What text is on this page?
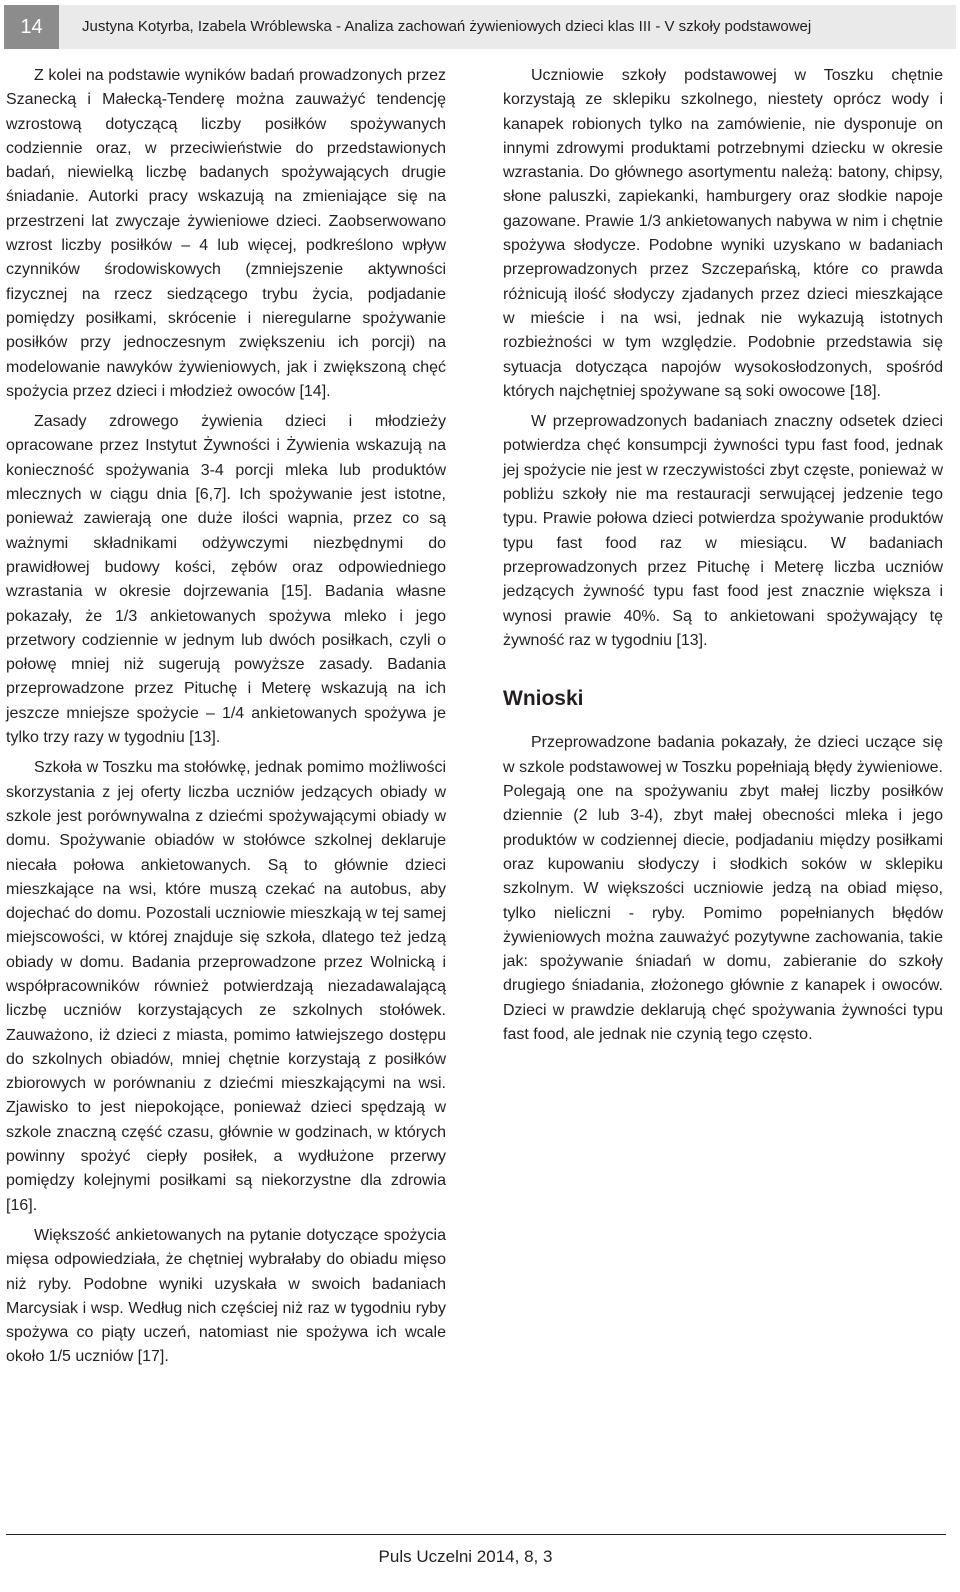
14	Justyna Kotyrba, Izabela Wróblewska - Analiza zachowań żywieniowych dzieci klas III - V szkoły podstawowej

Z kolei na podstawie wyników badań prowadzonych przez Szanecką i Małecką-Tenderę można zauważyć tendencję wzrostową dotyczącą liczby posiłków spożywanych codziennie oraz, w przeciwieństwie do przedstawionych badań, niewielką liczbę badanych spożywających drugie śniadanie. Autorki pracy wskazują na zmieniające się na przestrzeni lat zwyczaje żywieniowe dzieci. Zaobserwowano wzrost liczby posiłków – 4 lub więcej, podkreślono wpływ czynników środowiskowych (zmniejszenie aktywności fizycznej na rzecz siedzącego trybu życia, podjadanie pomiędzy posiłkami, skrócenie i nieregularne spożywanie posiłków przy jednoczesnym zwiększeniu ich porcji) na modelowanie nawyków żywieniowych, jak i zwiększoną chęć spożycia przez dzieci i młodzież owoców [14].

Zasady zdrowego żywienia dzieci i młodzieży opracowane przez Instytut Żywności i Żywienia wskazują na konieczność spożywania 3-4 porcji mleka lub produktów mlecznych w ciągu dnia [6,7]. Ich spożywanie jest istotne, ponieważ zawierają one duże ilości wapnia, przez co są ważnymi składnikami odżywczymi niezbędnymi do prawidłowej budowy kości, zębów oraz odpowiedniego wzrastania w okresie dojrzewania [15]. Badania własne pokazały, że 1/3 ankietowanych spożywa mleko i jego przetwory codziennie w jednym lub dwóch posiłkach, czyli o połowę mniej niż sugerują powyższe zasady. Badania przeprowadzone przez Pituchę i Meterę wskazują na ich jeszcze mniejsze spożycie – 1/4 ankietowanych spożywa je tylko trzy razy w tygodniu [13].

Szkoła w Toszku ma stołówkę, jednak pomimo możliwości skorzystania z jej oferty liczba uczniów jedzących obiady w szkole jest porównywalna z dziećmi spożywającymi obiady w domu. Spożywanie obiadów w stołówce szkolnej deklaruje niecała połowa ankietowanych. Są to głównie dzieci mieszkające na wsi, które muszą czekać na autobus, aby dojechać do domu. Pozostali uczniowie mieszkają w tej samej miejscowości, w której znajduje się szkoła, dlatego też jedzą obiady w domu. Badania przeprowadzone przez Wolnicką i współpracowników również potwierdzają niezadawalającą liczbę uczniów korzystających ze szkolnych stołówek. Zauważono, iż dzieci z miasta, pomimo łatwiejszego dostępu do szkolnych obiadów, mniej chętnie korzystają z posiłków zbiorowych w porównaniu z dziećmi mieszkającymi na wsi. Zjawisko to jest niepokojące, ponieważ dzieci spędzają w szkole znaczną część czasu, głównie w godzinach, w których powinny spożyć ciepły posiłek, a wydłużone przerwy pomiędzy kolejnymi posiłkami są niekorzystne dla zdrowia [16].

Większość ankietowanych na pytanie dotyczące spożycia mięsa odpowiedziała, że chętniej wybrałaby do obiadu mięso niż ryby. Podobne wyniki uzyskała w swoich badaniach Marcysiak i wsp. Według nich częściej niż raz w tygodniu ryby spożywa co piąty uczeń, natomiast nie spożywa ich wcale około 1/5 uczniów [17].

Uczniowie szkoły podstawowej w Toszku chętnie korzystają ze sklepiku szkolnego, niestety oprócz wody i kanapek robionych tylko na zamówienie, nie dysponuje on innymi zdrowymi produktami potrzebnymi dziecku w okresie wzrastania. Do głównego asortymentu należą: batony, chipsy, słone paluszki, zapiekanki, hamburgery oraz słodkie napoje gazowane. Prawie 1/3 ankietowanych nabywa w nim i chętnie spożywa słodycze. Podobne wyniki uzyskano w badaniach przeprowadzonych przez Szczepańską, które co prawda różnicują ilość słodyczy zjadanych przez dzieci mieszkające w mieście i na wsi, jednak nie wykazują istotnych rozbieżności w tym względzie. Podobnie przedstawia się sytuacja dotycząca napojów wysokosłodzonych, spośród których najchętniej spożywane są soki owocowe [18].

W przeprowadzonych badaniach znaczny odsetek dzieci potwierdza chęć konsumpcji żywności typu fast food, jednak jej spożycie nie jest w rzeczywistości zbyt częste, ponieważ w pobliżu szkoły nie ma restauracji serwującej jedzenie tego typu. Prawie połowa dzieci potwierdza spożywanie produktów typu fast food raz w miesiącu. W badaniach przeprowadzonych przez Pituchę i Meterę liczba uczniów jedzących żywność typu fast food jest znacznie większa i wynosi prawie 40%. Są to ankietowani spożywający tę żywność raz w tygodniu [13].

Wnioski

Przeprowadzone badania pokazały, że dzieci uczące się w szkole podstawowej w Toszku popełniają błędy żywieniowe. Polegają one na spożywaniu zbyt małej liczby posiłków dziennie (2 lub 3-4), zbyt małej obecności mleka i jego produktów w codziennej diecie, podjadaniu między posiłkami oraz kupowaniu słodyczy i słodkich soków w sklepiku szkolnym. W większości uczniowie jedzą na obiad mięso, tylko nieliczni - ryby. Pomimo popełnianych błędów żywieniowych można zauważyć pozytywne zachowania, takie jak: spożywanie śniadań w domu, zabieranie do szkoły drugiego śniadania, złożonego głównie z kanapek i owoców. Dzieci w prawdzie deklarują chęć spożywania żywności typu fast food, ale jednak nie czynią tego często.

Puls Uczelni 2014, 8, 3
